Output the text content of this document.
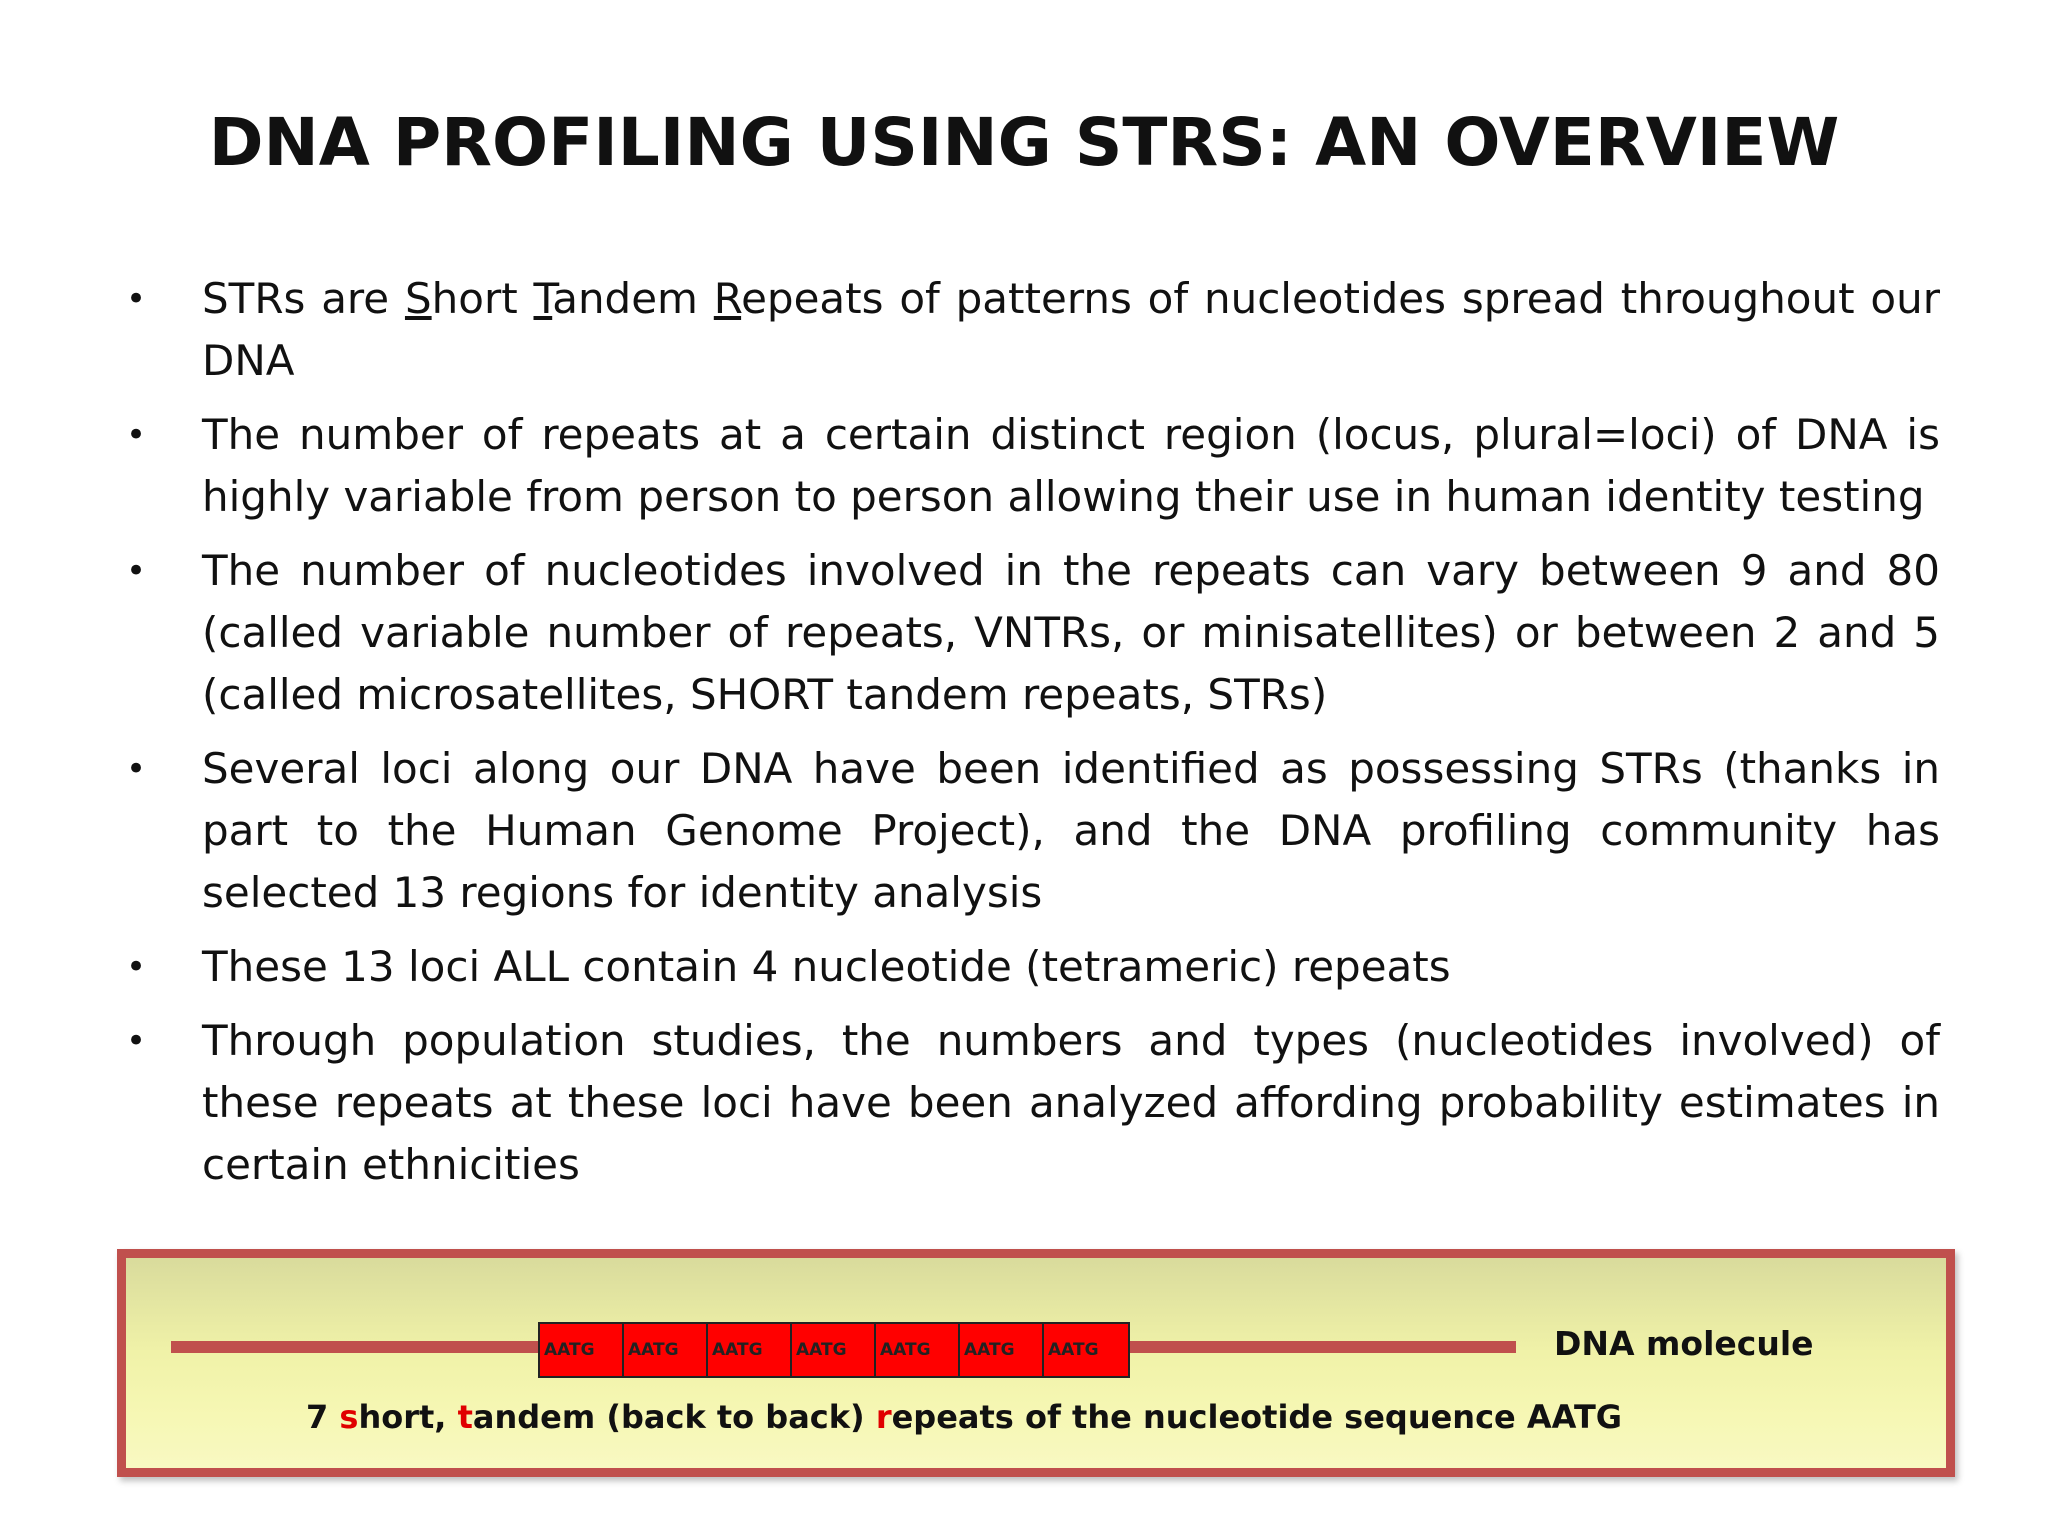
DNA PROFILING USING STRS: AN OVERVIEW
•	STRs are Short Tandem Repeats of patterns of nucleotides spread throughout our DNA
•	The number of repeats at a certain distinct region (locus, plural=loci) of DNA is highly variable from person to person allowing their use in human identity testing
•	The number of nucleotides involved in the repeats can vary between 9 and 80 (called variable number of repeats, VNTRs, or minisatellites) or between 2 and 5 (called microsatellites, SHORT tandem repeats, STRs)
•	Several loci along our DNA have been identified as possessing STRs (thanks in part to the Human Genome Project), and the DNA profiling community has selected 13 regions for identity analysis
•	These 13 loci ALL contain 4 nucleotide (tetrameric) repeats
•	Through population studies, the numbers and types (nucleotides involved) of these repeats at these loci have been analyzed affording probability estimates in certain ethnicities
AATG	AATG	AATG	AATG	AATG	AATG	AATG	DNA molecule
7 short, tandem (back to back) repeats of the nucleotide sequence AATG
